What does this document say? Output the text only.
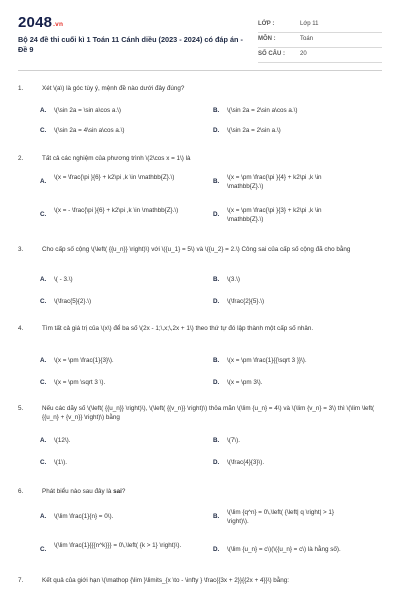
2048.vn
Bộ 24 đề thi cuối kì 1 Toán 11 Cánh diều (2023 - 2024) có đáp án - Đề 9
LỚP :	Lớp 11
MÔN :	Toán
SỐ CÂU :	20
1.	Xét \(a\) là góc tùy ý, mệnh đề nào dưới đây đúng?
A. \(\sin 2a = \sin a\cos a.\)	B. \(\sin 2a = 2\sin a\cos a.\)
C. \(\sin 2a = 4\sin a\cos a.\)	D. \(\sin 2a = 2\sin a.\)
2.	Tất cả các nghiệm của phương trình \(2\cos x = 1\) là
A.
\(x = \frac{\pi }{6} + k2\pi ,k \in \mathbb{Z}.\)
B.
\(x = \pm \frac{\pi }{4} + k2\pi ,k \in \mathbb{Z}.\)
C.
\(x = - \frac{\pi }{6} + k2\pi ,k \in \mathbb{Z}.\)
D.
\(x = \pm \frac{\pi }{3} + k2\pi ,k \in \mathbb{Z}.\)
3.	Cho cấp số cộng \(\left( {{u_n}} \right)\) với \({u_1} = 5\) và \({u_2} = 2.\) Công sai của cấp số cộng đã cho bằng
A. \( - 3.\)	B. \(3.\)
C. \(\frac{5}{2}.\)	D. \(\frac{2}{5}.\)
4.	Tìm tất cả giá trị của \(x\) để ba số \(2x - 1;\,x;\,2x + 1\) theo thứ tự đó lập thành một cấp số nhân.
A. \(x = \pm \frac{1}{3}\).	B. \(x = \pm \frac{1}{{\sqrt 3 }}\).
C. \(x = \pm \sqrt 3 \).	D. \(x = \pm 3\).
5.	Nếu các dãy số \(\left( {{u_n}} \right)\), \(\left( {{v_n}} \right)\) thỏa mãn \(\lim {u_n} = 4\) và \(\lim {v_n} = 3\) thì \(\lim \left( {{u_n} + {v_n}} \right)\) bằng
A. \(12\).	B. \(7\).
C. \(1\).	D. \(\frac{4}{3}\).
6.	Phát biểu nào sau đây là sai?
A. \(\lim \frac{1}{n} = 0\).	B.
\(\lim {q^n} = 0\,\left( {\left| q \right| > 1} \right)\).
C.
\(\lim \frac{1}{{{n^k}}} = 0\,\left( {k > 1} \right)\).
D. \(\lim {u_n} = c\)(\({u_n} = c\) là hằng số).
7.	Kết quả của giới hạn \(\mathop {\lim }\limits_{x \to - \infty } \frac{{3x + 2}}{{2x + 4}}\) bằng:
